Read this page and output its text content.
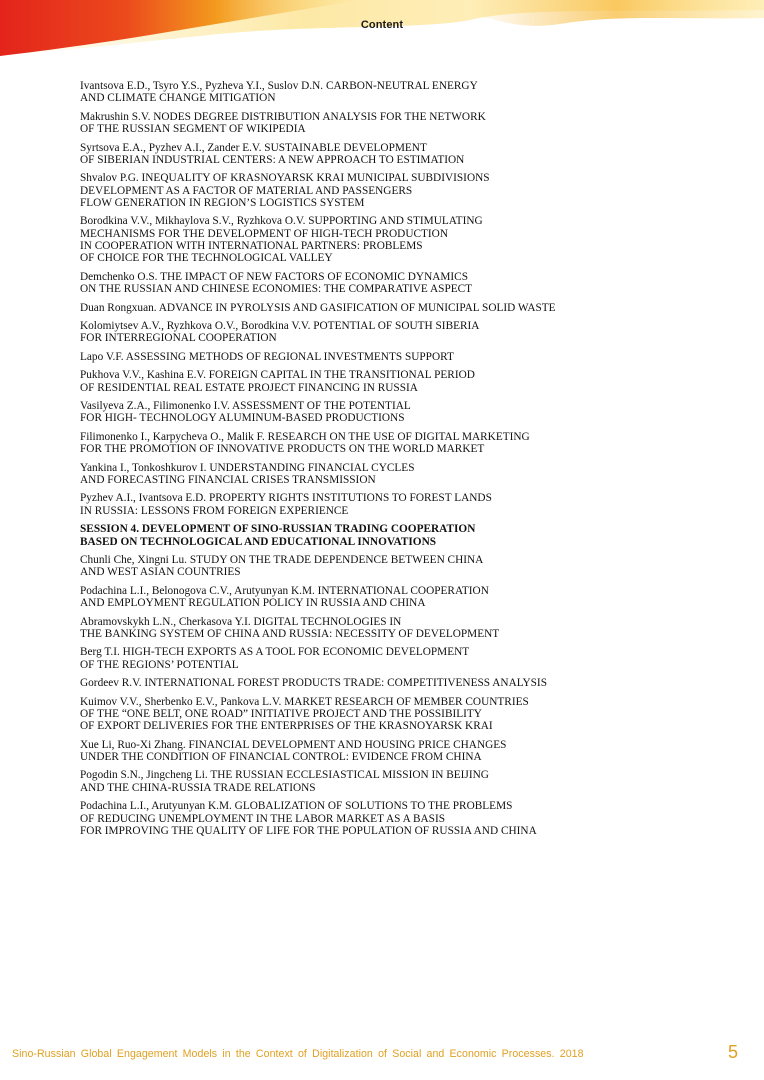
Content
Ivantsova E.D., Tsyro Y.S., Pyzheva Y.I., Suslov D.N. CARBON-NEUTRAL ENERGY
AND CLIMATE CHANGE MITIGATION
Makrushin S.V. NODES DEGREE DISTRIBUTION ANALYSIS FOR THE NETWORK
OF THE RUSSIAN SEGMENT OF WIKIPEDIA
Syrtsova E.A., Pyzhev A.I., Zander E.V. SUSTAINABLE DEVELOPMENT
OF SIBERIAN INDUSTRIAL CENTERS: A NEW APPROACH TO ESTIMATION
Shvalov P.G. INEQUALITY OF KRASNOYARSK KRAI MUNICIPAL SUBDIVISIONS
DEVELOPMENT AS A FACTOR OF MATERIAL AND PASSENGERS
FLOW GENERATION IN REGION’S LOGISTICS SYSTEM
Borodkina V.V., Mikhaylova S.V., Ryzhkova O.V. SUPPORTING AND STIMULATING
MECHANISMS FOR THE DEVELOPMENT OF HIGH-TECH PRODUCTION
IN COOPERATION WITH INTERNATIONAL PARTNERS: PROBLEMS
OF CHOICE FOR THE TECHNOLOGICAL VALLEY
Demchenko O.S. THE IMPACT OF NEW FACTORS OF ECONOMIC DYNAMICS
ON THE RUSSIAN AND CHINESE ECONOMIES: THE COMPARATIVE ASPECT
Duan Rongxuan. ADVANCE IN PYROLYSIS AND GASIFICATION OF MUNICIPAL SOLID WASTE
Kolomiytsev A.V., Ryzhkova O.V., Borodkina V.V. POTENTIAL OF SOUTH SIBERIA
FOR INTERREGIONAL COOPERATION
Lapo V.F. ASSESSING METHODS OF REGIONAL INVESTMENTS SUPPORT
Pukhova V.V., Kashina E.V. FOREIGN CAPITAL IN THE TRANSITIONAL PERIOD
OF RESIDENTIAL REAL ESTATE PROJECT FINANCING IN RUSSIA
Vasilyeva Z.A., Filimonenko I.V. ASSESSMENT OF THE POTENTIAL
FOR HIGH- TECHNOLOGY ALUMINUM-BASED PRODUCTIONS
Filimonenko I., Karpycheva O., Malik F. RESEARCH ON THE USE OF DIGITAL MARKETING
FOR THE PROMOTION OF INNOVATIVE PRODUCTS ON THE WORLD MARKET
Yankina I., Tonkoshkurov I. UNDERSTANDING FINANCIAL CYCLES
AND FORECASTING FINANCIAL CRISES TRANSMISSION
Pyzhev A.I., Ivantsova E.D. PROPERTY RIGHTS INSTITUTIONS TO FOREST LANDS
IN RUSSIA: LESSONS FROM FOREIGN EXPERIENCE
SESSION 4. DEVELOPMENT OF SINO-RUSSIAN TRADING COOPERATION
BASED ON TECHNOLOGICAL AND EDUCATIONAL INNOVATIONS
Chunli Che, Xingni Lu. STUDY ON THE TRADE DEPENDENCE BETWEEN CHINA
AND WEST ASIAN COUNTRIES
Podachina L.I., Belonogova C.V., Arutyunyan K.M. INTERNATIONAL COOPERATION
AND EMPLOYMENT REGULATION POLICY IN RUSSIA AND CHINA
Abramovskykh L.N., Cherkasova Y.I. DIGITAL TECHNOLOGIES IN
THE BANKING SYSTEM OF CHINA AND RUSSIA: NECESSITY OF DEVELOPMENT
Berg T.I. HIGH-TECH EXPORTS AS A TOOL FOR ECONOMIC DEVELOPMENT
OF THE REGIONS’ POTENTIAL
Gordeev R.V. INTERNATIONAL FOREST PRODUCTS TRADE: COMPETITIVENESS ANALYSIS
Kuimov V.V., Sherbenko E.V., Pankova L.V. MARKET RESEARCH OF MEMBER COUNTRIES
OF THE “ONE BELT, ONE ROAD” INITIATIVE PROJECT AND THE POSSIBILITY
OF EXPORT DELIVERIES FOR THE ENTERPRISES OF THE KRASNOYARSK KRAI
Xue Li, Ruo-Xi Zhang. FINANCIAL DEVELOPMENT AND HOUSING PRICE CHANGES
UNDER THE CONDITION OF FINANCIAL CONTROL: EVIDENCE FROM CHINA
Pogodin S.N., Jingcheng Li. THE RUSSIAN ECCLESIASTICAL MISSION IN BEIJING
AND THE CHINA-RUSSIA TRADE RELATIONS
Podachina L.I., Arutyunyan K.M. GLOBALIZATION OF SOLUTIONS TO THE PROBLEMS
OF REDUCING UNEMPLOYMENT IN THE LABOR MARKET AS A BASIS
FOR IMPROVING THE QUALITY OF LIFE FOR THE POPULATION OF RUSSIA AND CHINA
Sino-Russian Global Engagement Models in the Context of Digitalization of Social and Economic Processes. 2018	5
